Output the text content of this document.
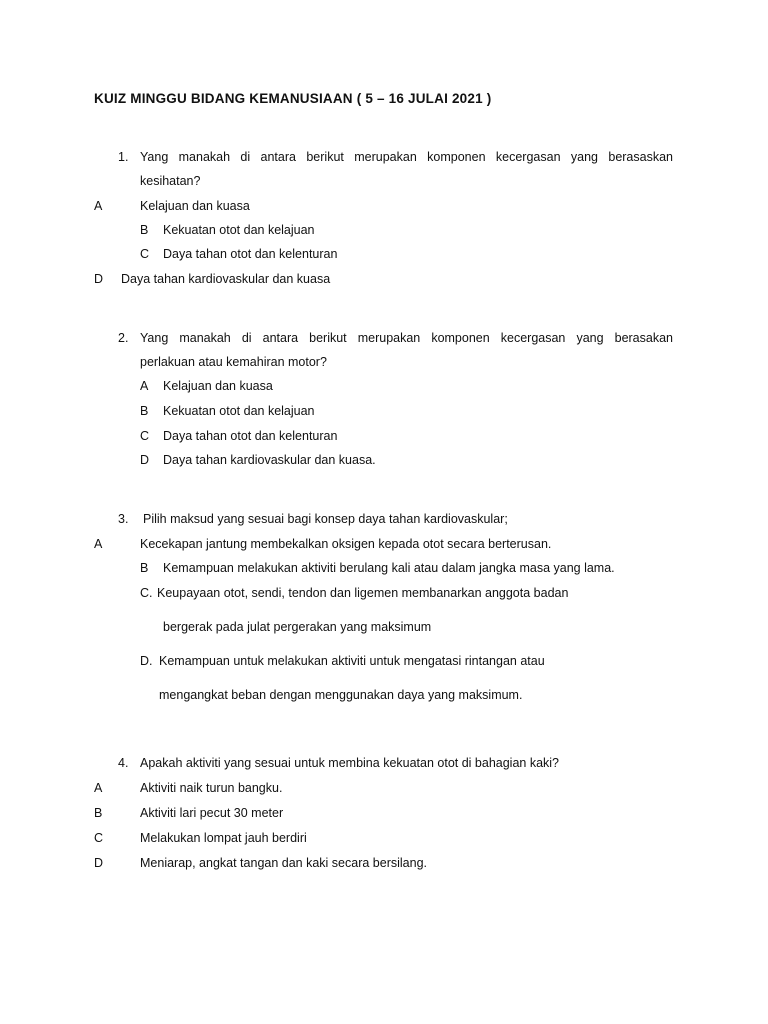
KUIZ MINGGU BIDANG KEMANUSIAAN ( 5 – 16 JULAI 2021 )
1. Yang manakah di antara berikut merupakan komponen kecergasan yang berasaskan
kesihatan?
A	Kelajuan dan kuasa
B Kekuatan otot dan kelajuan
C Daya tahan otot dan kelenturan
D Daya tahan kardiovaskular dan kuasa
2. Yang manakah di antara berikut merupakan komponen kecergasan yang berasakan
perlakuan atau kemahiran motor?
A Kelajuan dan kuasa
B Kekuatan otot dan kelajuan
C Daya tahan otot dan kelenturan
D Daya tahan kardiovaskular dan kuasa.
3. Pilih maksud yang sesuai bagi konsep daya tahan kardiovaskular;
A	Kecekapan jantung membekalkan oksigen kepada otot secara berterusan.
B Kemampuan melakukan aktiviti berulang kali atau dalam jangka masa yang lama.
C. Keupayaan otot, sendi, tendon dan ligemen membanarkan anggota badan
bergerak pada julat pergerakan yang maksimum
D. Kemampuan untuk melakukan aktiviti untuk mengatasi rintangan atau
mengangkat beban dengan menggunakan daya yang maksimum.
4. Apakah aktiviti yang sesuai untuk membina kekuatan otot di bahagian kaki?
A	Aktiviti naik turun bangku.
B	Aktiviti lari pecut 30 meter
C	Melakukan lompat jauh berdiri
D	Meniarap, angkat tangan dan kaki secara bersilang.
